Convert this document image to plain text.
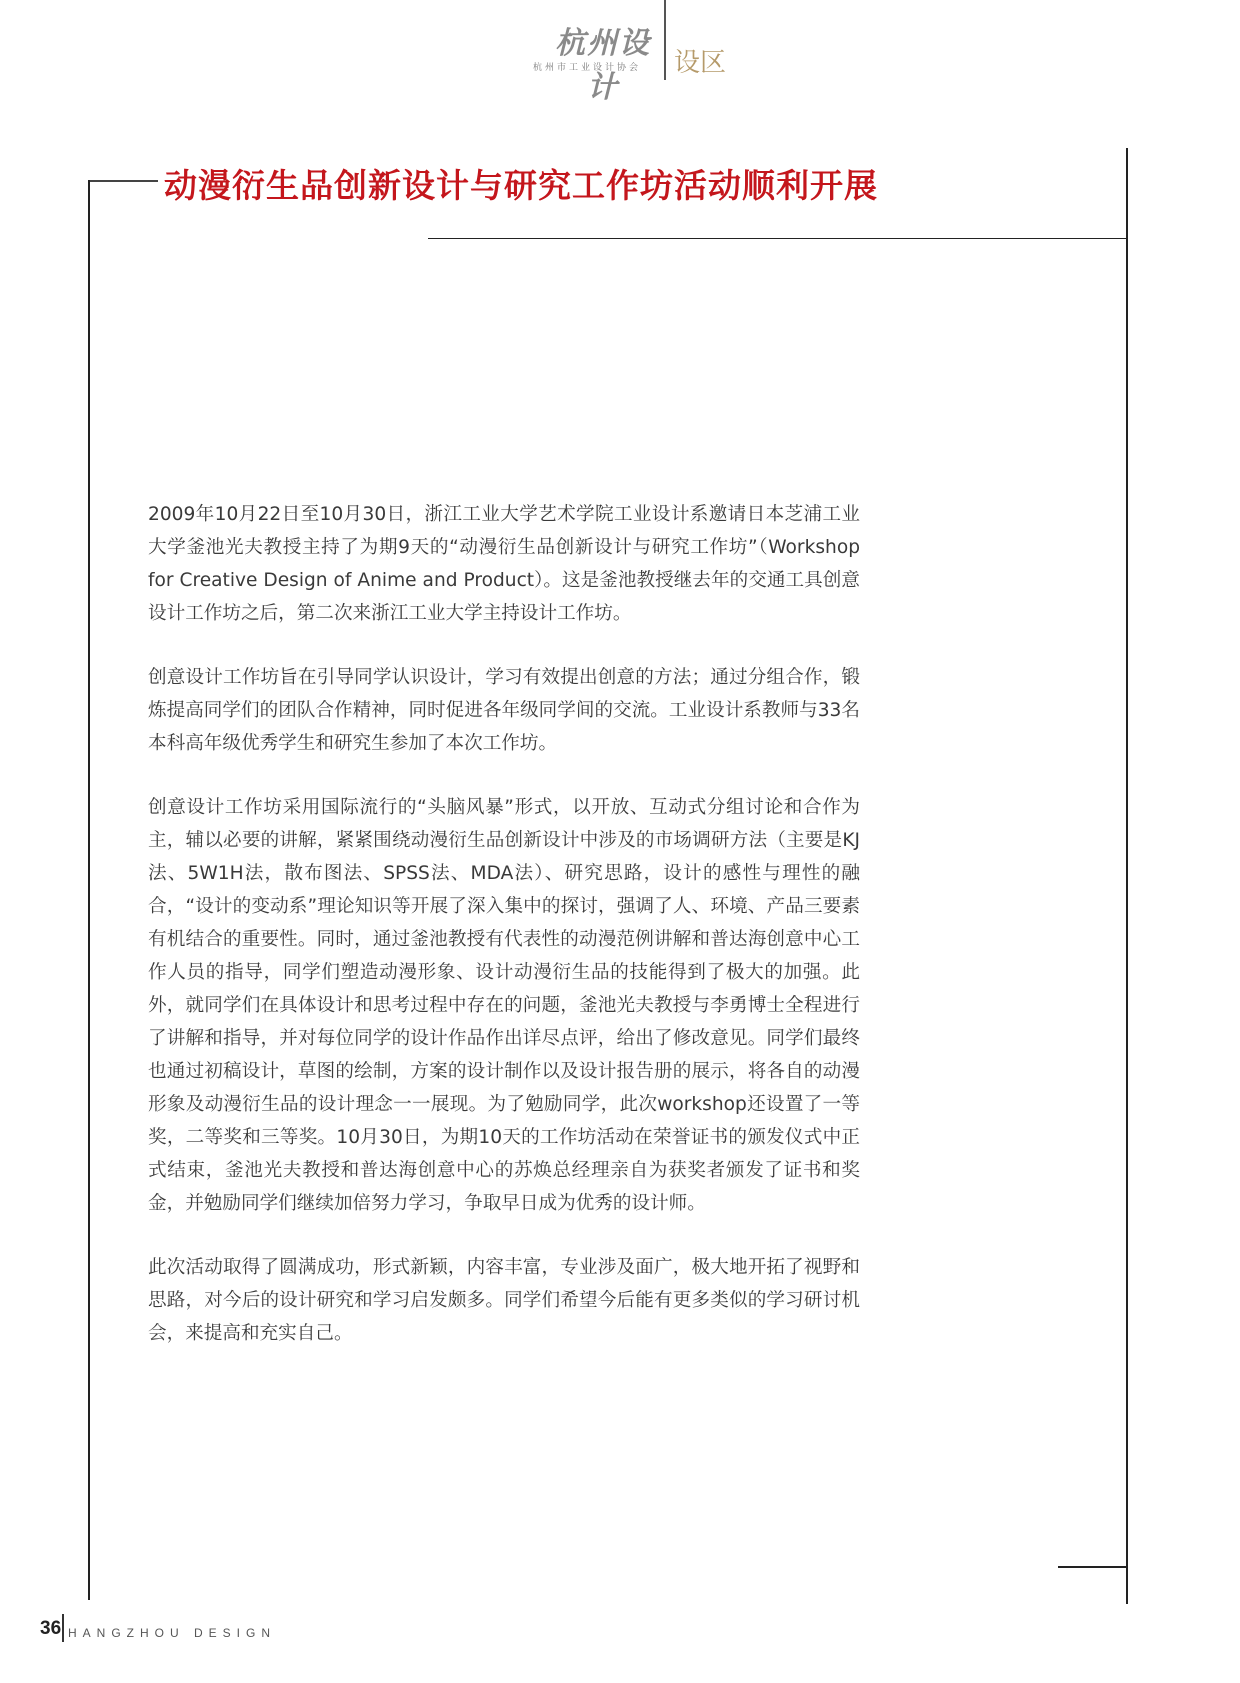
杭州设计
杭州市工业设计协会	设区
动漫衍生品创新设计与研究工作坊活动顺利开展

2009年10月22日至10月30日，浙江工业大学艺术学院工业设计系邀请日本芝浦工业大学釜池光夫教授主持了为期9天的“动漫衍生品创新设计与研究工作坊”（Workshop for Creative Design of Anime and Product）。这是釜池教授继去年的交通工具创意设计工作坊之后，第二次来浙江工业大学主持设计工作坊。

创意设计工作坊旨在引导同学认识设计，学习有效提出创意的方法；通过分组合作，锻炼提高同学们的团队合作精神，同时促进各年级同学间的交流。工业设计系教师与33名本科高年级优秀学生和研究生参加了本次工作坊。

创意设计工作坊采用国际流行的“头脑风暴”形式，以开放、互动式分组讨论和合作为主，辅以必要的讲解，紧紧围绕动漫衍生品创新设计中涉及的市场调研方法（主要是KJ法、5W1H法，散布图法、SPSS法、MDA法）、研究思路，设计的感性与理性的融合，“设计的变动系”理论知识等开展了深入集中的探讨，强调了人、环境、产品三要素有机结合的重要性。同时，通过釜池教授有代表性的动漫范例讲解和普达海创意中心工作人员的指导，同学们塑造动漫形象、设计动漫衍生品的技能得到了极大的加强。此外，就同学们在具体设计和思考过程中存在的问题，釜池光夫教授与李勇博士全程进行了讲解和指导，并对每位同学的设计作品作出详尽点评，给出了修改意见。同学们最终也通过初稿设计，草图的绘制，方案的设计制作以及设计报告册的展示，将各自的动漫形象及动漫衍生品的设计理念一一展现。为了勉励同学，此次workshop还设置了一等奖，二等奖和三等奖。10月30日，为期10天的工作坊活动在荣誉证书的颁发仪式中正式结束，釜池光夫教授和普达海创意中心的苏焕总经理亲自为获奖者颁发了证书和奖金，并勉励同学们继续加倍努力学习，争取早日成为优秀的设计师。

此次活动取得了圆满成功，形式新颖，内容丰富，专业涉及面广，极大地开拓了视野和思路，对今后的设计研究和学习启发颇多。同学们希望今后能有更多类似的学习研讨机会，来提高和充实自己。

36 HANGZHOU DESIGN
